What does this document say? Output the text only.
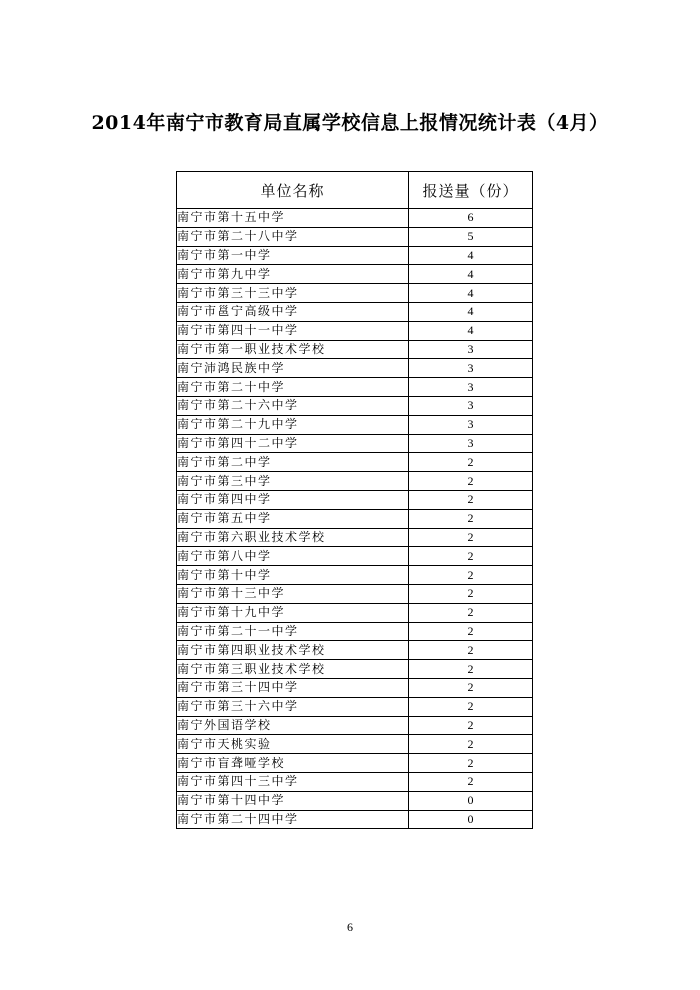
2014年南宁市教育局直属学校信息上报情况统计表（4月）
单位名称	报送量（份）
南宁市第十五中学	6
南宁市第二十八中学	5
南宁市第一中学	4
南宁市第九中学	4
南宁市第三十三中学	4
南宁市邕宁高级中学	4
南宁市第四十一中学	4
南宁市第一职业技术学校	3
南宁沛鸿民族中学	3
南宁市第二十中学	3
南宁市第二十六中学	3
南宁市第二十九中学	3
南宁市第四十二中学	3
南宁市第二中学	2
南宁市第三中学	2
南宁市第四中学	2
南宁市第五中学	2
南宁市第六职业技术学校	2
南宁市第八中学	2
南宁市第十中学	2
南宁市第十三中学	2
南宁市第十九中学	2
南宁市第二十一中学	2
南宁市第四职业技术学校	2
南宁市第三职业技术学校	2
南宁市第三十四中学	2
南宁市第三十六中学	2
南宁外国语学校	2
南宁市天桃实验	2
南宁市盲聋哑学校	2
南宁市第四十三中学	2
南宁市第十四中学	0
南宁市第二十四中学	0
6
